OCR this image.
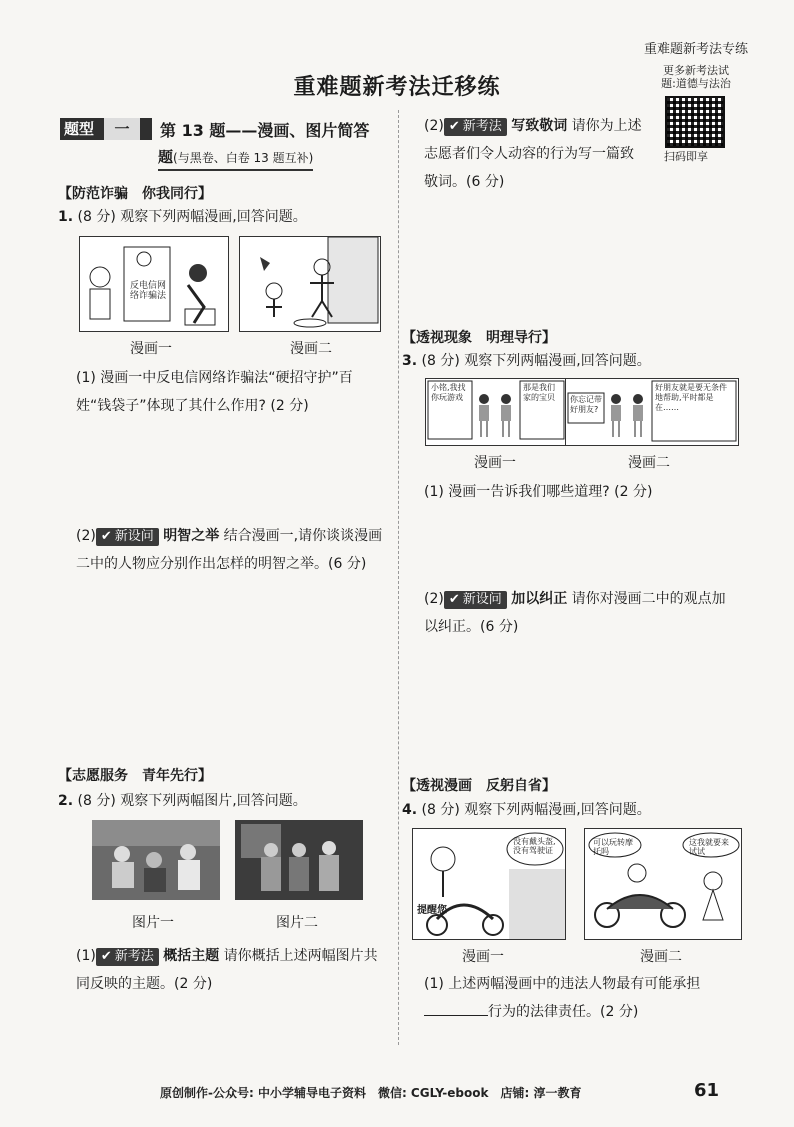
重难题新考法专练
重难题新考法迁移练
更多新考法试题:道德与法治
扫码即享
题型 一	第 13 题——漫画、图片简答
题(与黑卷、白卷 13 题互补)
【防范诈骗　你我同行】
1. (8 分) 观察下列两幅漫画,回答问题。
反电信网络诈骗法
漫画一	漫画二
(1) 漫画一中反电信网络诈骗法“硬招守护”百姓“钱袋子”体现了其什么作用? (2 分)
(2) ✔ 新设问 明智之举 结合漫画一,请你谈谈漫画二中的人物应分别作出怎样的明智之举。(6 分)
【志愿服务　青年先行】
2. (8 分) 观察下列两幅图片,回答问题。
图片一	图片二
(1) ✔ 新考法 概括主题 请你概括上述两幅图片共同反映的主题。(2 分)
(2) ✔ 新考法 写致敬词 请你为上述志愿者们令人动容的行为写一篇致敬词。(6 分)
【透视现象　明理导行】
3. (8 分) 观察下列两幅漫画,回答问题。
小铭,我找你玩游戏
那是我们家的宝贝	你忘记带好朋友?
好朋友就是要无条件地帮助,平时都是在……
漫画一	漫画二
(1) 漫画一告诉我们哪些道理? (2 分)
(2) ✔ 新设问 加以纠正 请你对漫画二中的观点加以纠正。(6 分)
【透视漫画　反躬自省】
4. (8 分) 观察下列两幅漫画,回答问题。
没有戴头盔,没有驾驶证
提醒您
可以玩转摩托吗
这我就要来试试
漫画一	漫画二
(1) 上述两幅漫画中的违法人物最有可能承担行为的法律责任。(2 分)
原创制作-公众号: 中小学辅导电子资料　微信: CGLY-ebook　店铺: 淳一教育	61
